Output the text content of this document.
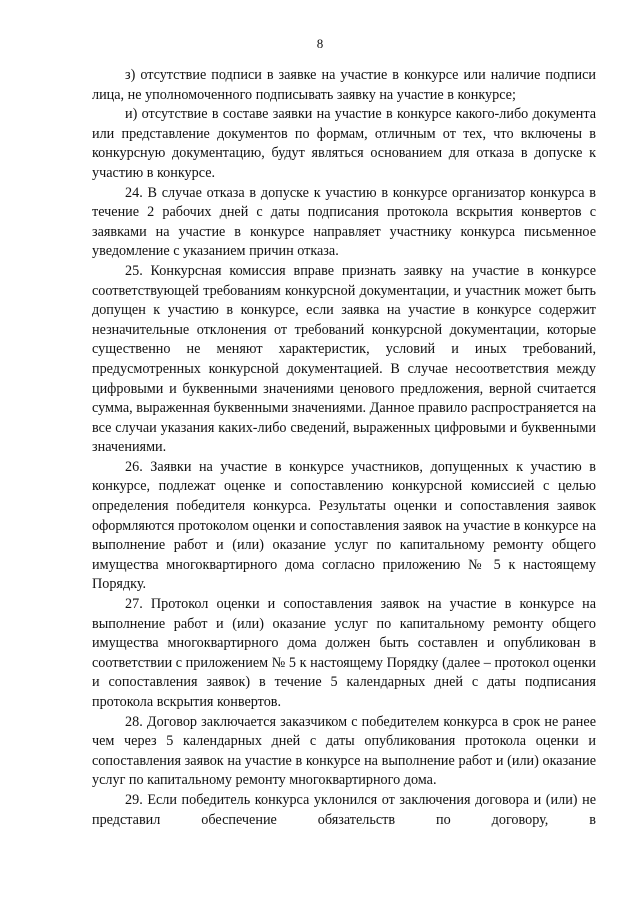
8

з) отсутствие подписи в заявке на участие в конкурсе или наличие подписи лица, не уполномоченного подписывать заявку на участие в конкурсе;

и) отсутствие в составе заявки на участие в конкурсе какого-либо документа или представление документов по формам, отличным от тех, что включены в конкурсную документацию, будут являться основанием для отказа в допуске к участию в конкурсе.

24. В случае отказа в допуске к участию в конкурсе организатор конкурса в течение 2 рабочих дней с даты подписания протокола вскрытия конвертов с заявками на участие в конкурсе направляет участнику конкурса письменное уведомление с указанием причин отказа.

25. Конкурсная комиссия вправе признать заявку на участие в конкурсе соответствующей требованиям конкурсной документации, и участник может быть допущен к участию в конкурсе, если заявка на участие в конкурсе содержит незначительные отклонения от требований конкурсной документации, которые существенно не меняют характеристик, условий и иных требований, предусмотренных конкурсной документацией. В случае несоответствия между цифровыми и буквенными значениями ценового предложения, верной считается сумма, выраженная буквенными значениями. Данное правило распространяется на все случаи указания каких-либо сведений, выраженных цифровыми и буквенными значениями.

26. Заявки на участие в конкурсе участников, допущенных к участию в конкурсе, подлежат оценке и сопоставлению конкурсной комиссией с целью определения победителя конкурса. Результаты оценки и сопоставления заявок оформляются протоколом оценки и сопоставления заявок на участие в конкурсе на выполнение работ и (или) оказание услуг по капитальному ремонту общего имущества многоквартирного дома согласно приложению № 5 к настоящему Порядку.

27. Протокол оценки и сопоставления заявок на участие в конкурсе на выполнение работ и (или) оказание услуг по капитальному ремонту общего имущества многоквартирного дома должен быть составлен и опубликован в соответствии с приложением № 5 к настоящему Порядку (далее – протокол оценки и сопоставления заявок) в течение 5 календарных дней с даты подписания протокола вскрытия конвертов.

28. Договор заключается заказчиком с победителем конкурса в срок не ранее чем через 5 календарных дней с даты опубликования протокола оценки и сопоставления заявок на участие в конкурсе на выполнение работ и (или) оказание услуг по капитальному ремонту многоквартирного дома.

29. Если победитель конкурса уклонился от заключения договора и (или) не представил обеспечение обязательств по договору, в
